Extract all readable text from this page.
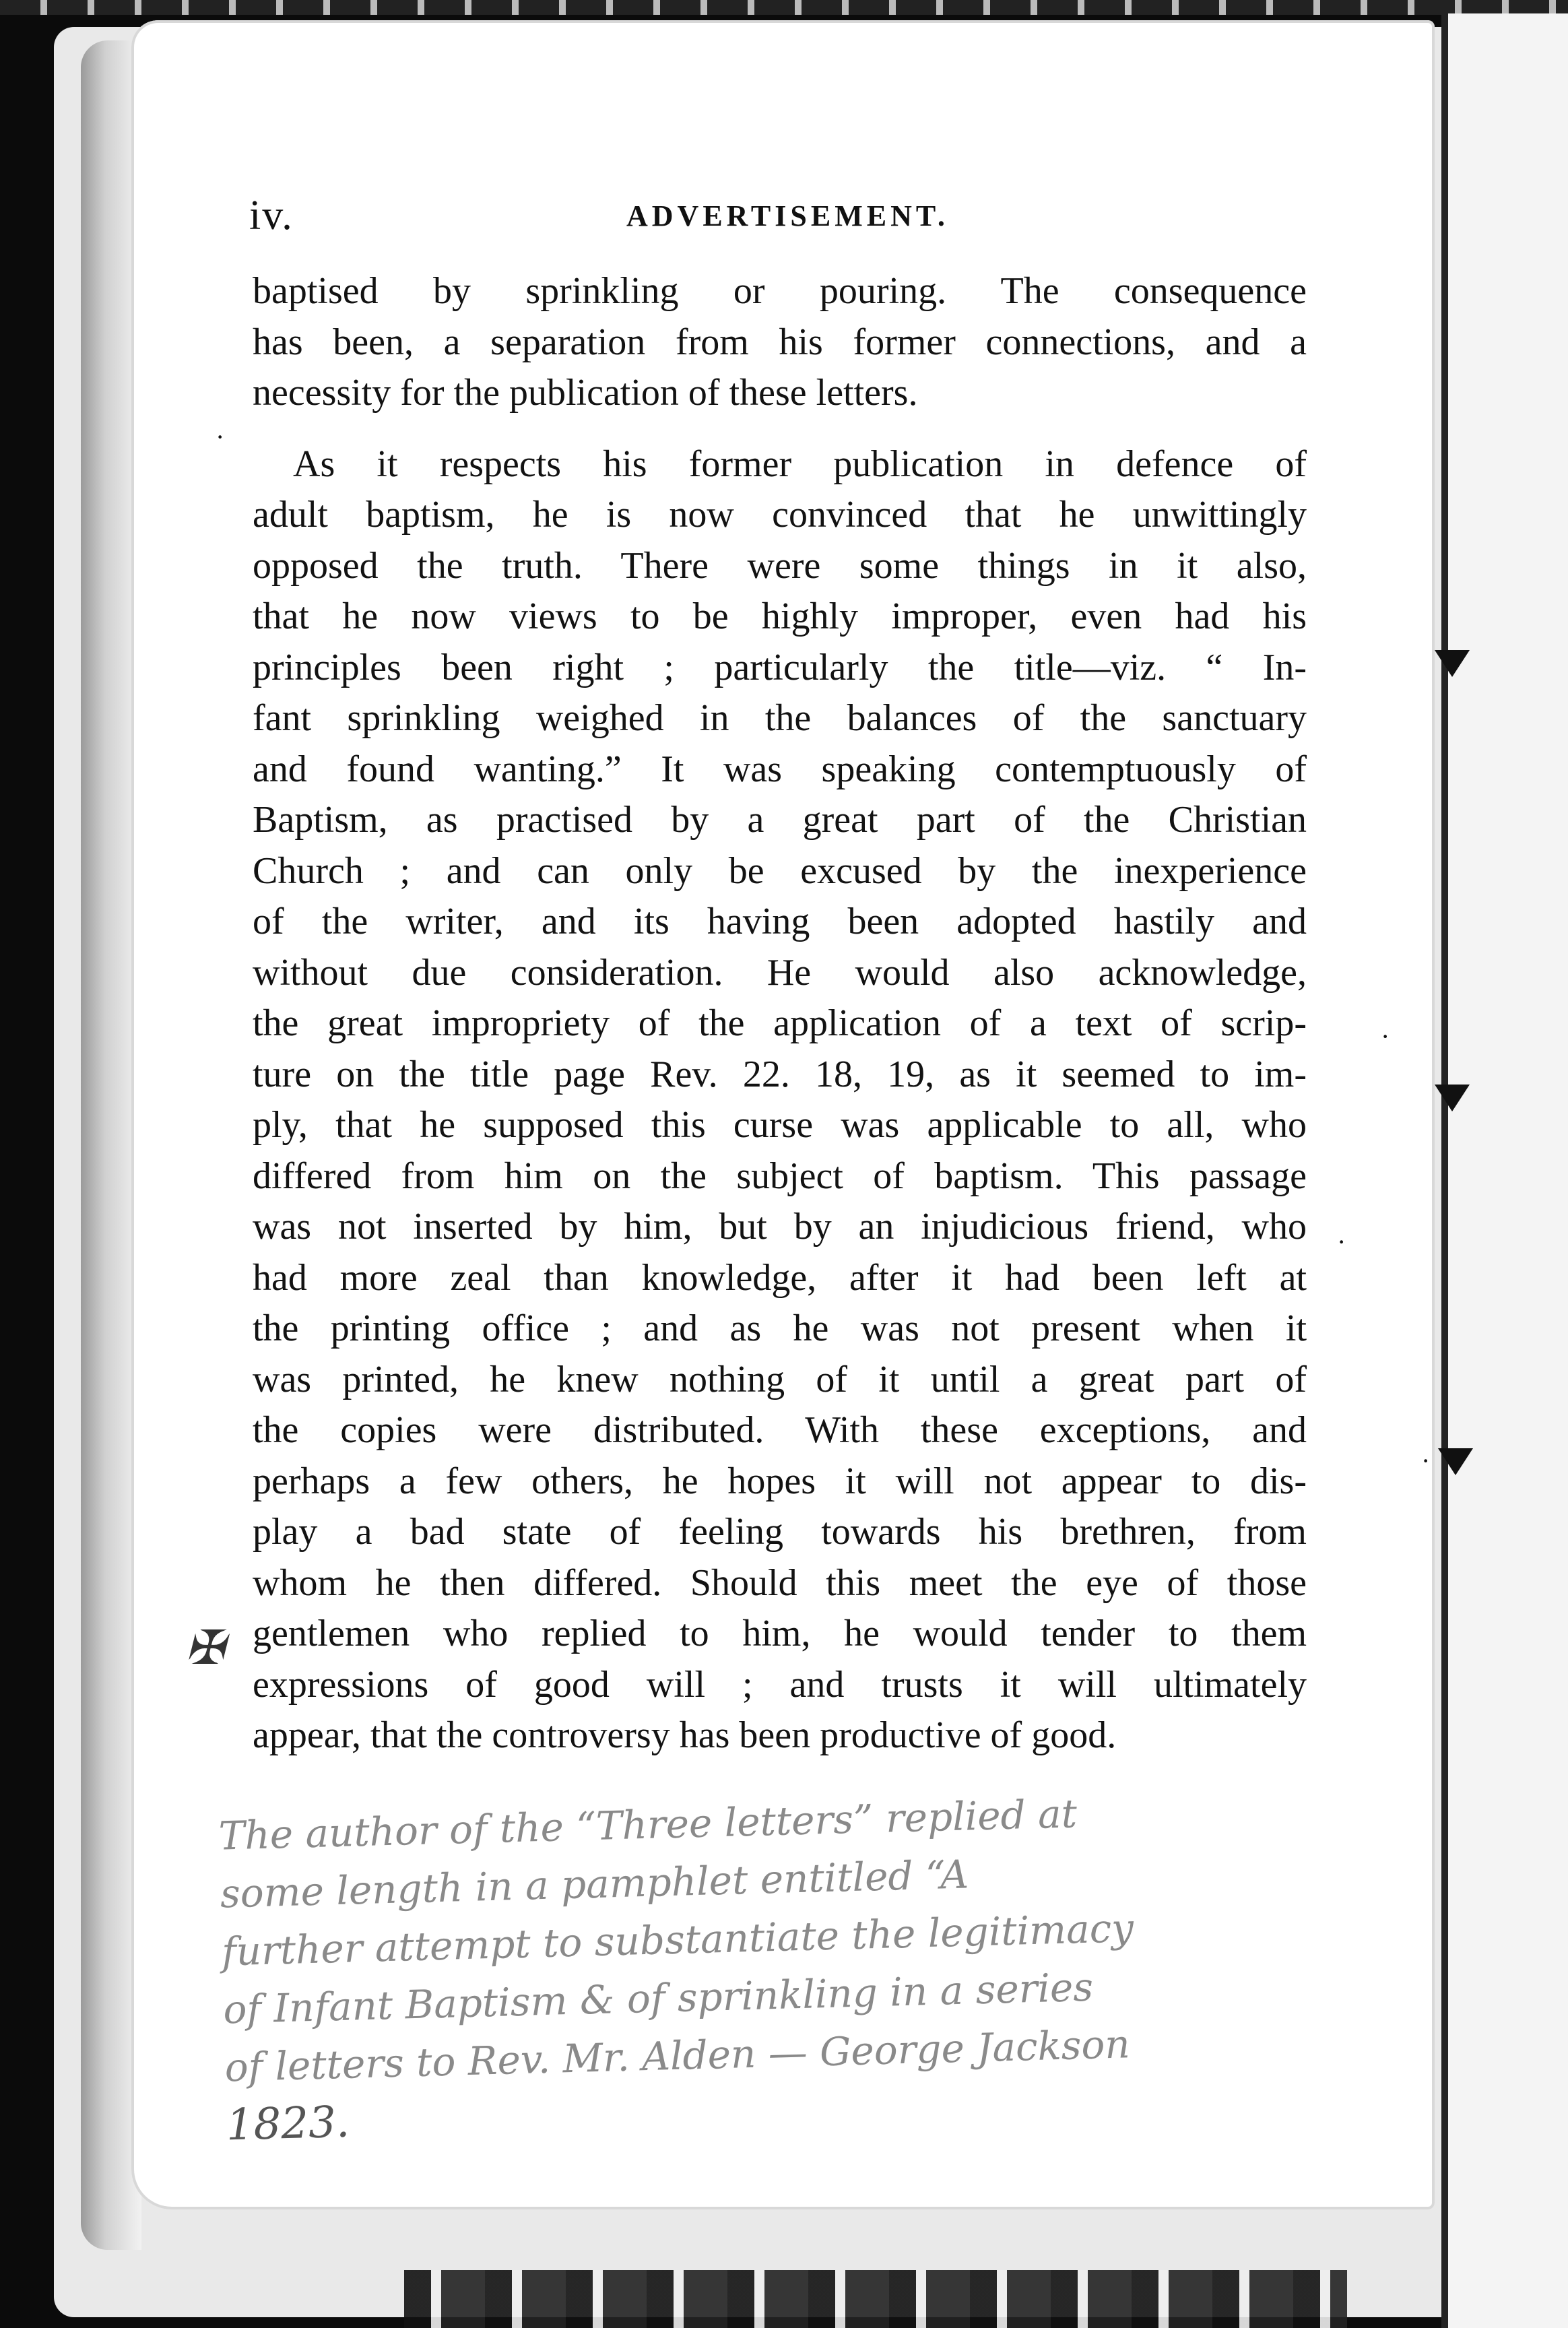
iv.	ADVERTISEMENT.
baptised by sprinkling or pouring. The consequence
has been, a separation from his former connections, and a
necessity for the publication of these letters.
As it respects his former publication in defence of
adult baptism, he is now convinced that he unwittingly
opposed the truth. There were some things in it also,
that he now views to be highly improper, even had his
principles been right ; particularly the title—viz. “ In-
fant sprinkling weighed in the balances of the sanctuary
and found wanting.” It was speaking contemptuously of
Baptism, as practised by a great part of the Christian
Church ; and can only be excused by the inexperience
of the writer, and its having been adopted hastily and
without due consideration. He would also acknowledge,
the great impropriety of the application of a text of scrip-
ture on the title page Rev. 22. 18, 19, as it seemed to im-
ply, that he supposed this curse was applicable to all, who
differed from him on the subject of baptism. This passage
was not inserted by him, but by an injudicious friend, who
had more zeal than knowledge, after it had been left at
the printing office ; and as he was not present when it
was printed, he knew nothing of it until a great part of
the copies were distributed. With these exceptions, and
perhaps a few others, he hopes it will not appear to dis-
play a bad state of feeling towards his brethren, from
whom he then differed. Should this meet the eye of those
gentlemen who replied to him, he would tender to them
expressions of good will ; and trusts it will ultimately
appear, that the controversy has been productive of good.
✠
The author of the “Three letters” replied at
some length in a pamphlet entitled “A
further attempt to substantiate the legitimacy
of Infant Baptism & of sprinkling in a series
of letters to Rev. Mr. Alden — George Jackson
1823.
·
·
·
·
